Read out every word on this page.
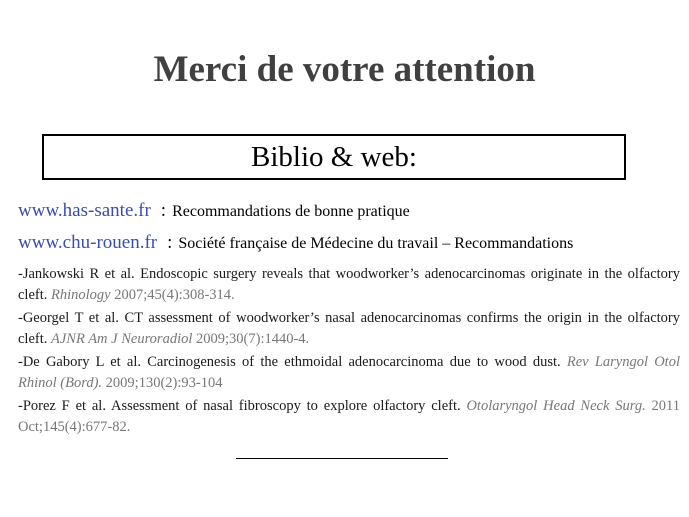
Merci de votre attention
Biblio & web:
www.has-sante.fr : Recommandations de bonne pratique
www.chu-rouen.fr : Société française de Médecine du travail – Recommandations
-Jankowski R et al. Endoscopic surgery reveals that woodworker’s adenocarcinomas originate in the olfactory cleft. Rhinology 2007;45(4):308-314.
-Georgel T et al. CT assessment of woodworker’s nasal adenocarcinomas confirms the origin in the olfactory cleft. AJNR Am J Neuroradiol 2009;30(7):1440-4.
-De Gabory L et al. Carcinogenesis of the ethmoidal adenocarcinoma due to wood dust. Rev Laryngol Otol Rhinol (Bord). 2009;130(2):93-104
-Porez F et al. Assessment of nasal fibroscopy to explore olfactory cleft. Otolaryngol Head Neck Surg. 2011 Oct;145(4):677-82.
